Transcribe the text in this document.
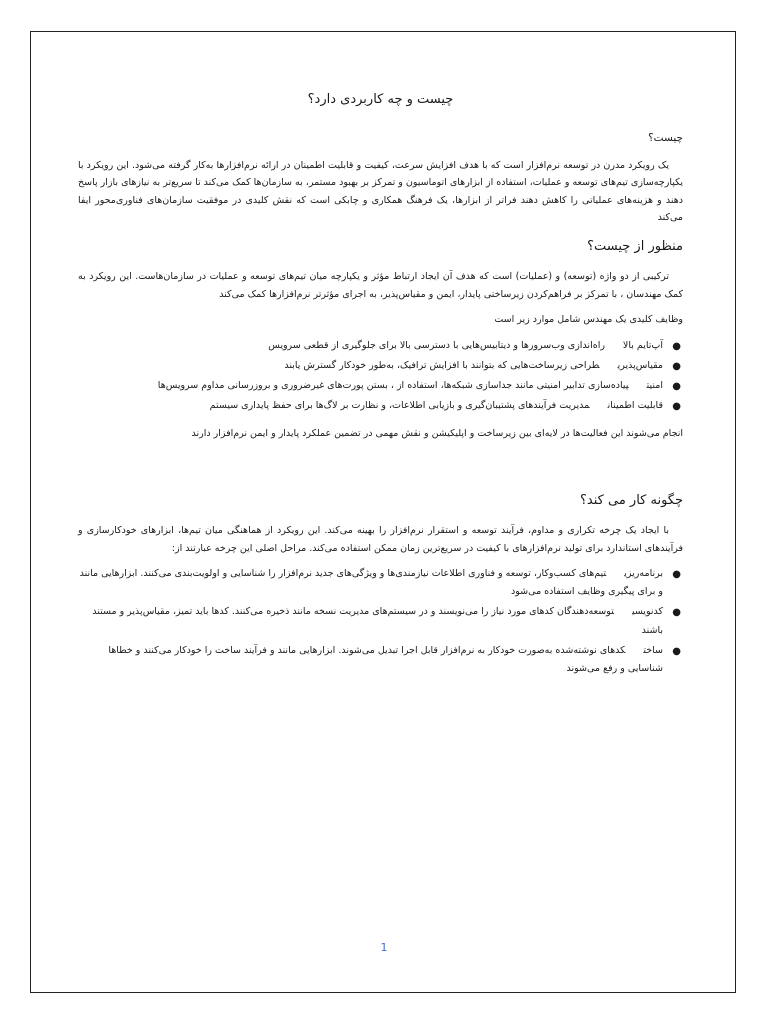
چیست و چه کاربردی دارد؟
چیست؟

یک رویکرد مدرن در توسعه نرم‌افزار است که با هدف افزایش سرعت، کیفیت و قابلیت اطمینان در ارائه نرم‌افزارها به‌کار گرفته می‌شود. این رویکرد با یکپارچه‌سازی تیم‌های توسعه و عملیات، استفاده از ابزارهای اتوماسیون و تمرکز بر بهبود مستمر، به سازمان‌ها کمک می‌کند تا سریع‌تر به نیازهای بازار پاسخ دهند و هزینه‌های عملیاتی را کاهش دهند فراتر از ابزارها، یک فرهنگ همکاری و چابکی است که نقش کلیدی در موفقیت سازمان‌های فناوری‌محور ایفا می‌کند

منظور از چیست؟

ترکیبی از دو واژه (توسعه) و (عملیات) است که هدف آن ایجاد ارتباط مؤثر و یکپارچه میان تیم‌های توسعه و عملیات در سازمان‌هاست. این رویکرد به کمک مهندسان ، با تمرکز بر فراهم‌کردن زیرساختی پایدار، ایمن و مقیاس‌پذیر، به اجرای مؤثرتر نرم‌افزارها کمک می‌کند

وظایف کلیدی یک مهندس شامل موارد زیر است

●
آپ‌تایم بالاراه‌اندازی وب‌سرورها و دیتابیس‌هایی با دسترسی بالا برای جلوگیری از قطعی سرویس
●
مقیاس‌پذیریطراحی زیرساخت‌هایی که بتوانند با افزایش ترافیک، به‌طور خودکار گسترش یابند
●
امنیتپیاده‌سازی تدابیر امنیتی مانند جداسازی شبکه‌ها، استفاده از ، بستن پورت‌های غیرضروری و بروزرسانی مداوم سرویس‌ها
●
قابلیت اطمینانمدیریت فرآیندهای پشتیبان‌گیری و بازیابی اطلاعات، و نظارت بر لاگ‌ها برای حفظ پایداری سیستم

انجام می‌شوند این فعالیت‌ها در لایه‌ای بین زیرساخت و اپلیکیشن و نقش مهمی در تضمین عملکرد پایدار و ایمن نرم‌افزار دارند

چگونه کار می کند؟

با ایجاد یک چرخه تکراری و مداوم، فرآیند توسعه و استقرار نرم‌افزار را بهینه می‌کند. این رویکرد از هماهنگی میان تیم‌ها، ابزارهای خودکارسازی و فرآیندهای استاندارد برای تولید نرم‌افزارهای با کیفیت در سریع‌ترین زمان ممکن استفاده می‌کند. مراحل اصلی این چرخه عبارتند از:

●
برنامه‌ریزیتیم‌های کسب‌وکار، توسعه و فناوری اطلاعات نیازمندی‌ها و ویژگی‌های جدید نرم‌افزار را شناسایی و اولویت‌بندی می‌کنند. ابزارهایی مانند و برای پیگیری وظایف استفاده می‌شود
●
کدنویسیتوسعه‌دهندگان کدهای مورد نیاز را می‌نویسند و در سیستم‌های مدیریت نسخه مانند ذخیره می‌کنند. کدها باید تمیز، مقیاس‌پذیر و مستند باشند
●
ساختکدهای نوشته‌شده به‌صورت خودکار به نرم‌افزار قابل اجرا تبدیل می‌شوند. ابزارهایی مانند و فرآیند ساخت را خودکار می‌کنند و خطاها شناسایی و رفع می‌شوند
1
